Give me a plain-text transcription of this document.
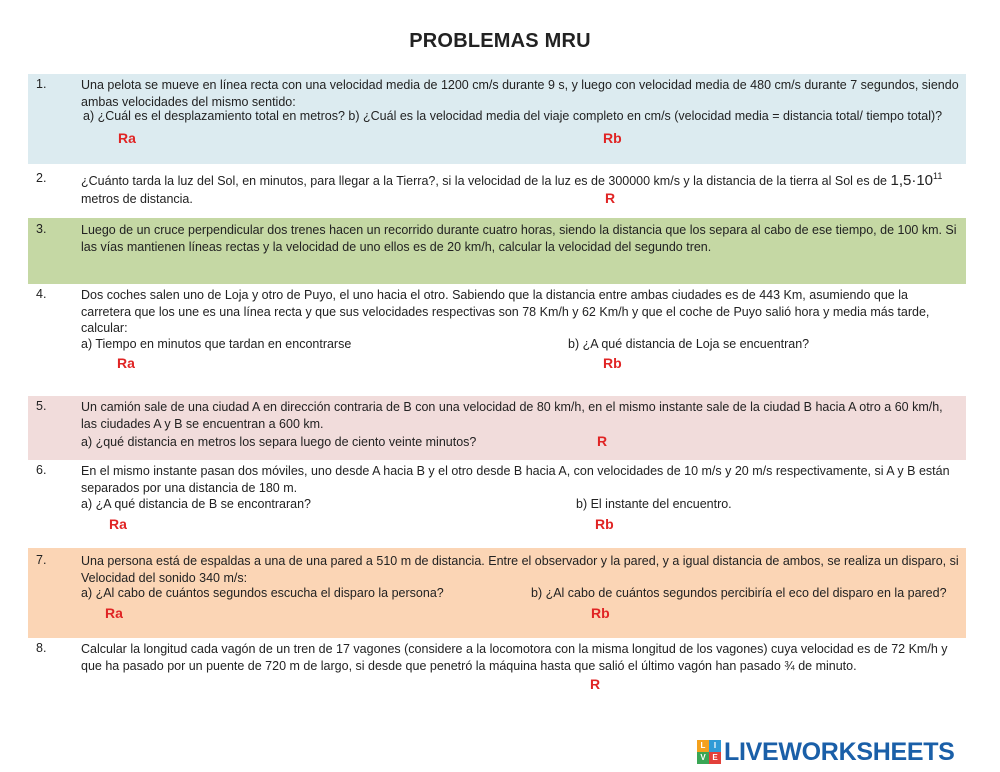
PROBLEMAS MRU
1.	Una pelota se mueve en línea recta con una velocidad media de 1200 cm/s durante 9 s, y luego con velocidad media de 480 cm/s durante 7 segundos, siendo ambas velocidades del mismo sentido:
a) ¿Cuál es el desplazamiento total en metros? b) ¿Cuál es la velocidad media del viaje completo en cm/s (velocidad media = distancia total/ tiempo total)?
Ra	Rb
2.	¿Cuánto tarda la luz del Sol, en minutos, para llegar a la Tierra?, si la velocidad de la luz es de 300000 km/s y la distancia de la tierra al Sol es de $1,5\cdot 10^{11}$
metros de distancia.	R
3.	Luego de un cruce perpendicular dos trenes hacen un recorrido durante cuatro horas, siendo la distancia que los separa al cabo de ese tiempo, de 100 km. Si las vías mantienen líneas rectas y la velocidad de uno ellos es de 20 km/h, calcular la velocidad del segundo tren.
4.	Dos coches salen uno de Loja y otro de Puyo, el uno hacia el otro. Sabiendo que la distancia entre ambas ciudades es de 443 Km, asumiendo que la carretera que los une es una línea recta y que sus velocidades respectivas son 78 Km/h y 62 Km/h y que el coche de Puyo salió hora y media más tarde, calcular:
a) Tiempo en minutos que tardan en encontrarse	b) ¿A qué distancia de Loja se encuentran?
Ra	Rb
5.	Un camión sale de una ciudad A en dirección contraria de B con una velocidad de 80 km/h, en el mismo instante sale de la ciudad B hacia A otro a 60 km/h, las ciudades A y B se encuentran a 600 km.
a) ¿qué distancia en metros los separa luego de ciento veinte minutos?	R
6.	En el mismo instante pasan dos móviles, uno desde A hacia B y el otro desde B hacia A, con velocidades de 10 m/s y 20 m/s respectivamente, si A y B están separados por una distancia de 180 m.
a) ¿A qué distancia de B se encontraran?	b) El instante del encuentro.
Ra	Rb
7.	Una persona está de espaldas a una de una pared a 510 m de distancia. Entre el observador y la pared, y a igual distancia de ambos, se realiza un disparo, si Velocidad del sonido 340 m/s:
a) ¿Al cabo de cuántos segundos escucha el disparo la persona?	b) ¿Al cabo de cuántos segundos percibiría el eco del disparo en la pared?
Ra	Rb
8.	Calcular la longitud cada vagón de un tren de 17 vagones (considere a la locomotora con la misma longitud de los vagones) cuya velocidad es de 72 Km/h y que ha pasado por un puente de 720 m de largo, si desde que penetró la máquina hasta que salió el último vagón han pasado ¾ de minuto.
R
L	I
V E LIVEWORKSHEETS
